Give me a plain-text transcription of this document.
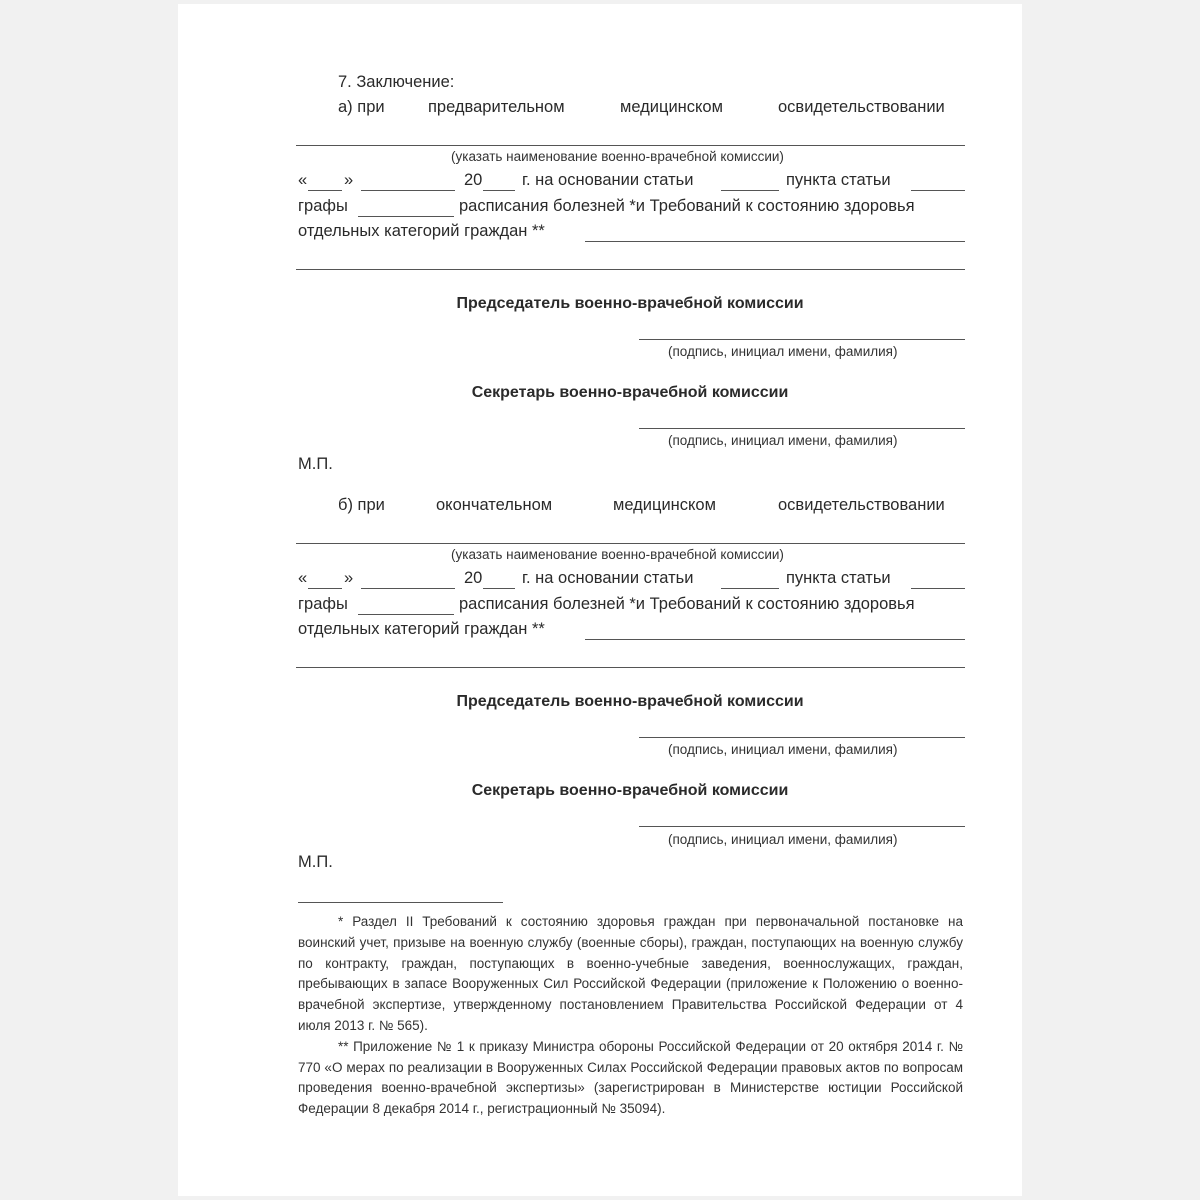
7. Заключение:
а) при	предварительном	медицинском	освидетельствовании
(указать наименование военно-врачебной комиссии)
« »	20 г. на основании статьи	пункта статьи
графы	расписания болезней *и Требований к состоянию здоровья
отдельных категорий граждан **
Председатель военно-врачебной комиссии
(подпись, инициал имени, фамилия)
Секретарь военно-врачебной комиссии
(подпись, инициал имени, фамилия)
М.П.
б) при	окончательном	медицинском	освидетельствовании
(указать наименование военно-врачебной комиссии)
« »	20 г. на основании статьи	пункта статьи
графы	расписания болезней *и Требований к состоянию здоровья
отдельных категорий граждан **
Председатель военно-врачебной комиссии
(подпись, инициал имени, фамилия)
Секретарь военно-врачебной комиссии
(подпись, инициал имени, фамилия)
М.П.

* Раздел II Требований к состоянию здоровья граждан при первоначальной постановке на воинский учет, призыве на военную службу (военные сборы), граждан, поступающих на военную службу по контракту, граждан, поступающих в военно-учебные заведения, военнослужащих, граждан, пребывающих в запасе Вооруженных Сил Российской Федерации (приложение к Положению о военно-врачебной экспертизе, утвержденному постановлением Правительства Российской Федерации от 4 июля 2013 г. № 565).

** Приложение № 1 к приказу Министра обороны Российской Федерации от 20 октября 2014 г. № 770 «О мерах по реализации в Вооруженных Силах Российской Федерации правовых актов по вопросам проведения военно-врачебной экспертизы» (зарегистрирован в Министерстве юстиции Российской Федерации 8 декабря 2014 г., регистрационный № 35094).
